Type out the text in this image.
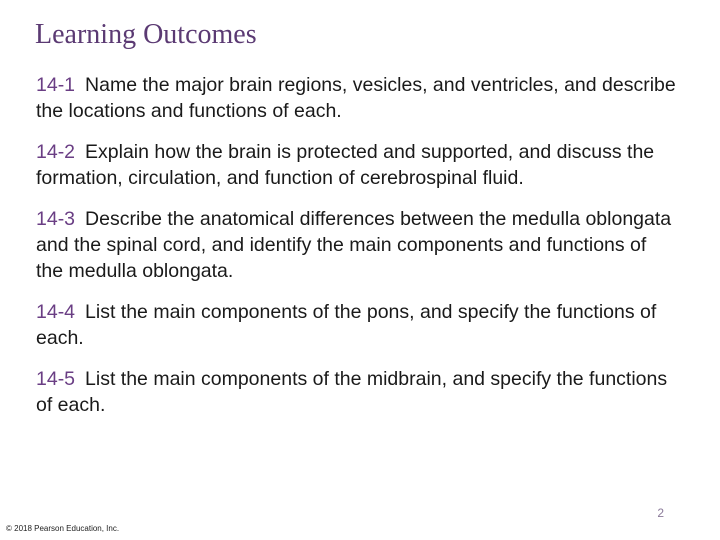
Learning Outcomes
14-1 Name the major brain regions, vesicles, and ventricles, and describe the locations and functions of each.
14-2 Explain how the brain is protected and supported, and discuss the formation, circulation, and function of cerebrospinal fluid.
14-3 Describe the anatomical differences between the medulla oblongata and the spinal cord, and identify the main components and functions of the medulla oblongata.
14-4 List the main components of the pons, and specify the functions of each.
14-5 List the main components of the midbrain, and specify the functions of each.
2
© 2018 Pearson Education, Inc.
